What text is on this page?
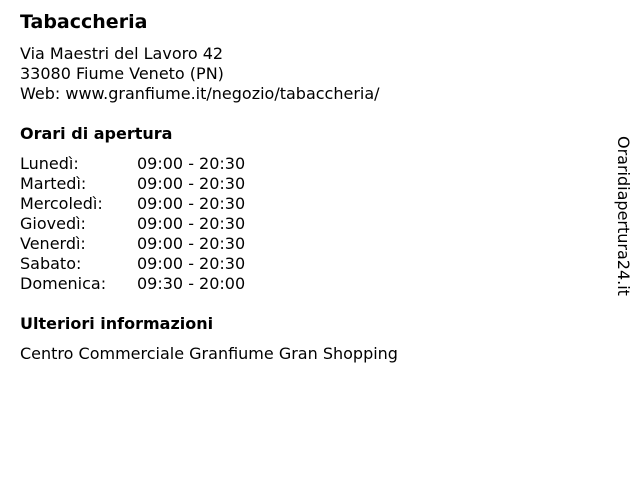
Tabaccheria
Via Maestri del Lavoro 42
33080 Fiume Veneto (PN)
Web: www.granfiume.it/negozio/tabaccheria/
Orari di apertura
Lunedì:	09:00 - 20:30
Martedì:	09:00 - 20:30
Mercoledì:	09:00 - 20:30
Giovedì:	09:00 - 20:30
Venerdì:	09:00 - 20:30
Sabato:	09:00 - 20:30
Domenica:	09:30 - 20:00
Ulteriori informazioni
Centro Commerciale Granfiume Gran Shopping
Oraridiapertura24.it
